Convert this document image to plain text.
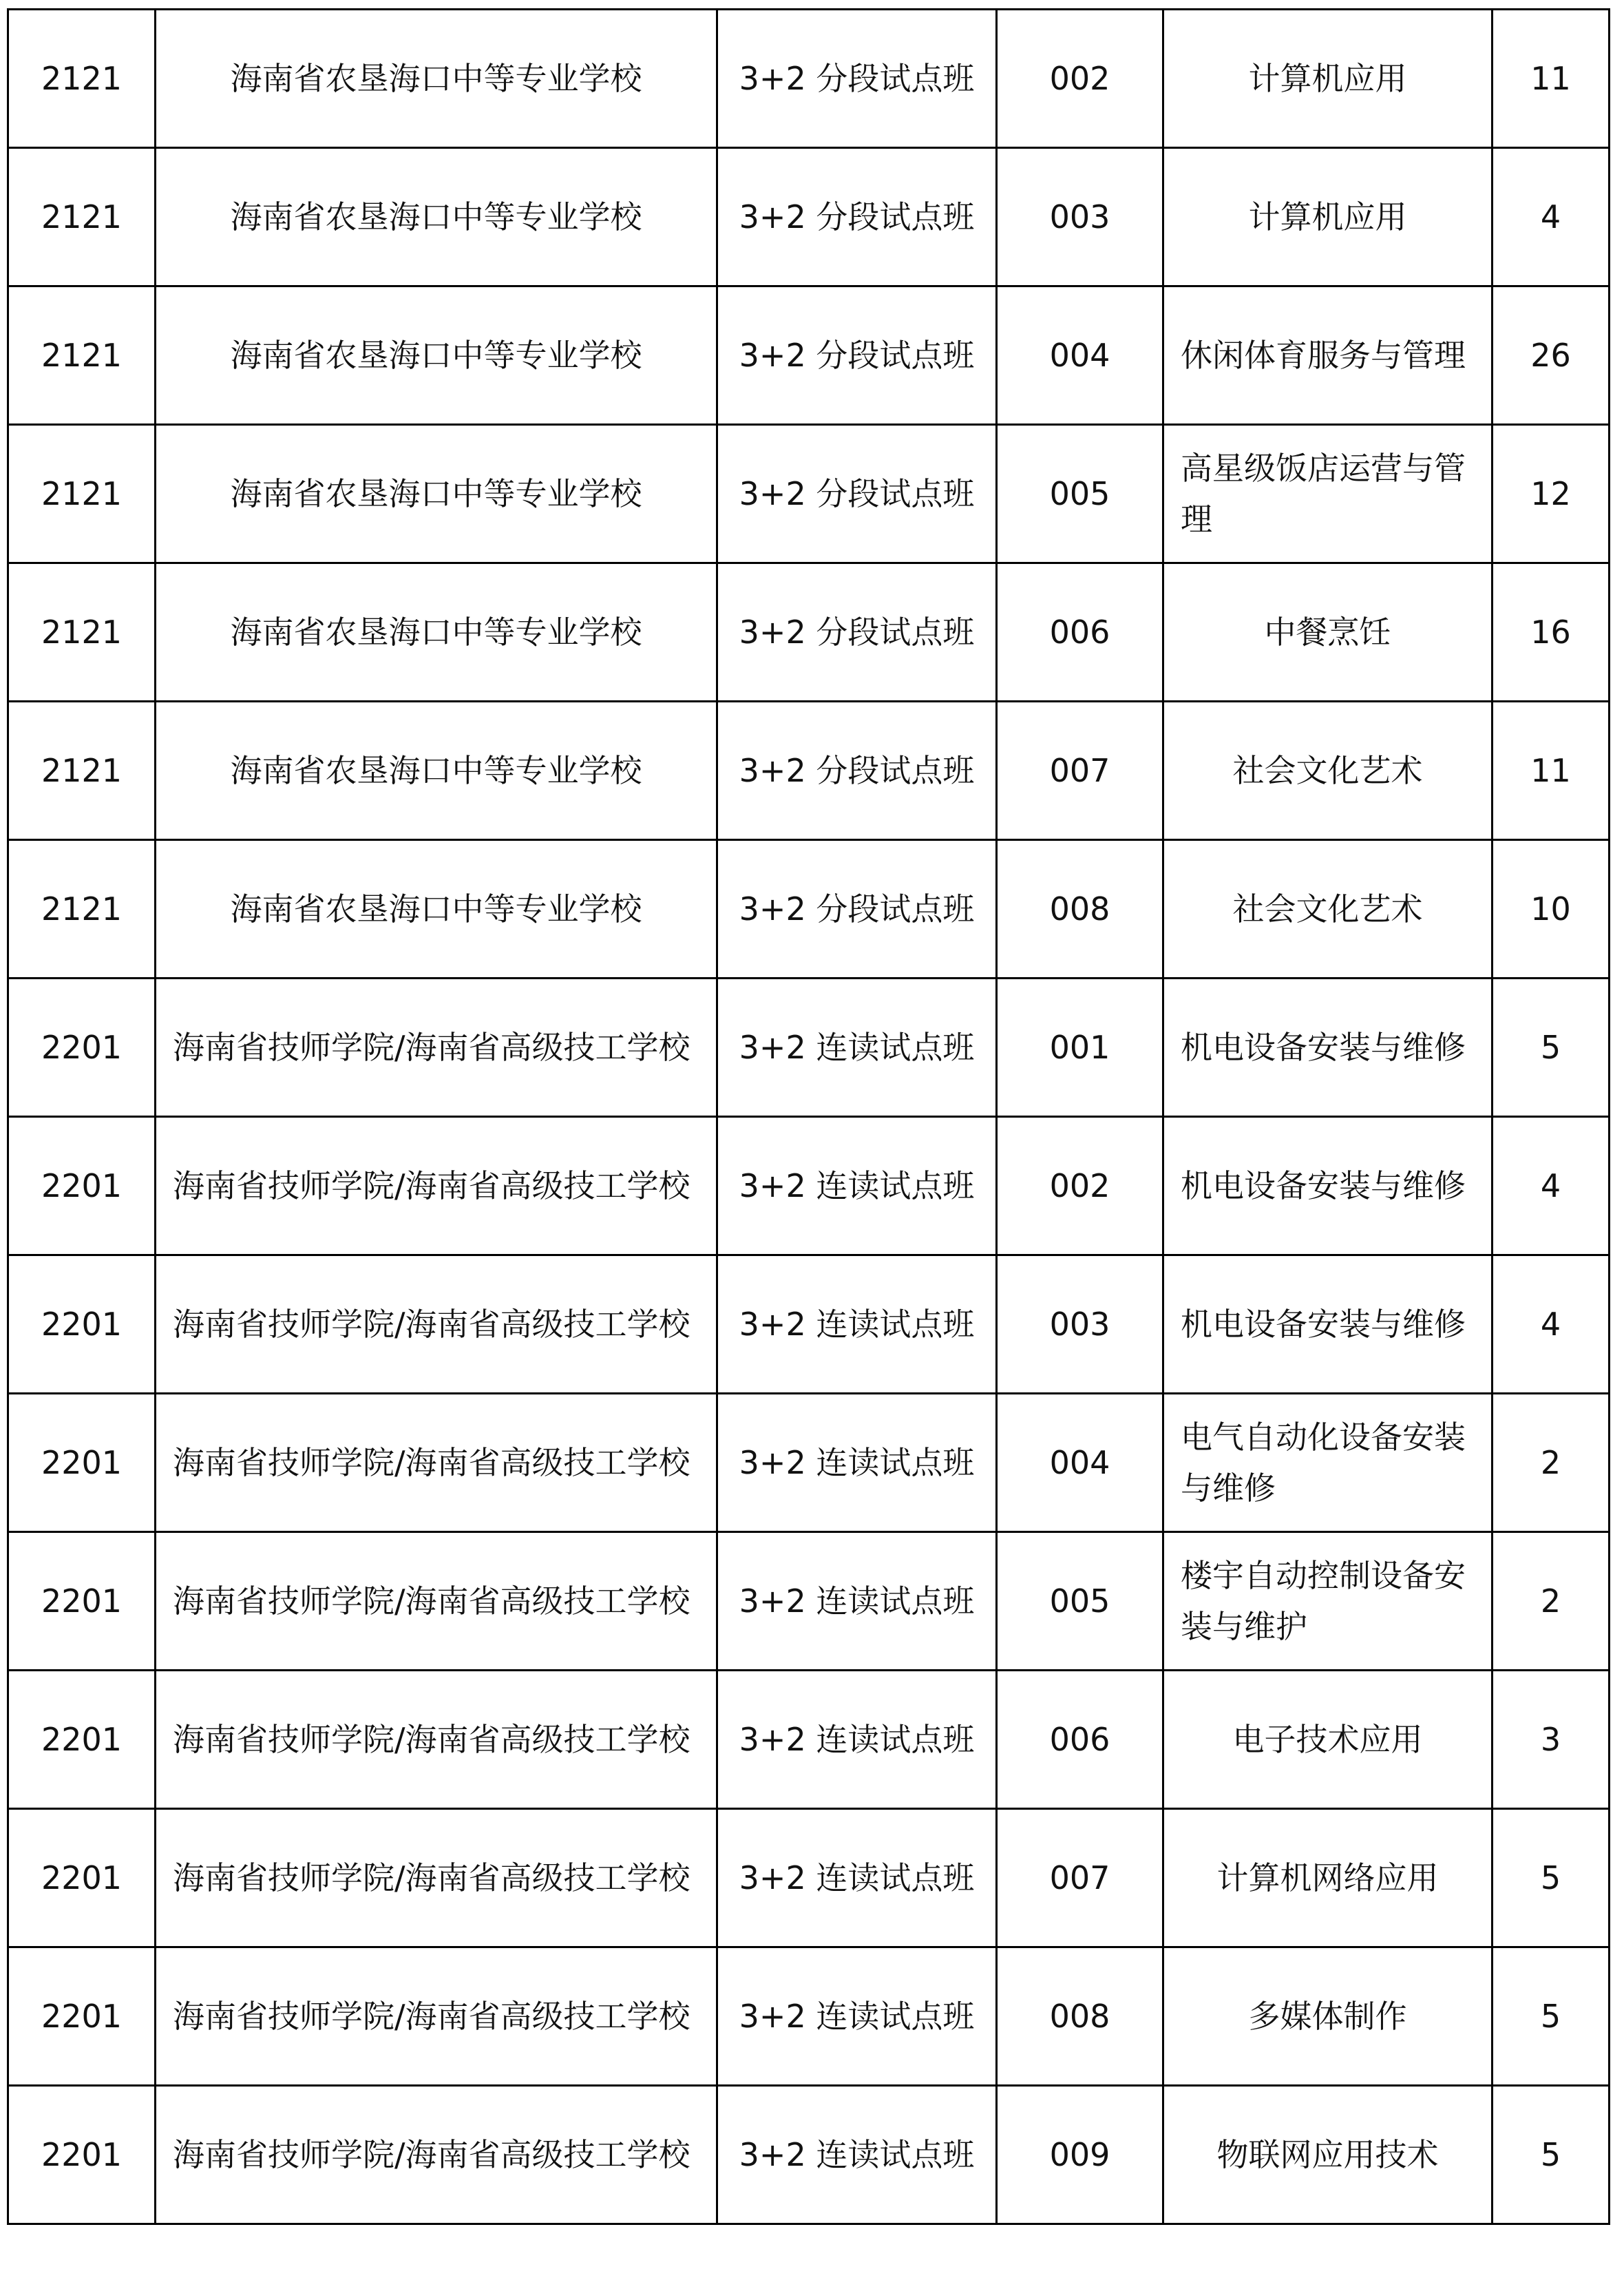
2121	海南省农垦海口中等专业学校	3+2 分段试点班	002	计算机应用	11
2121	海南省农垦海口中等专业学校	3+2 分段试点班	003	计算机应用	4
2121	海南省农垦海口中等专业学校	3+2 分段试点班	004	休闲体育服务与管理	26
2121	海南省农垦海口中等专业学校	3+2 分段试点班	005	高星级饭店运营与管理	12
2121	海南省农垦海口中等专业学校	3+2 分段试点班	006	中餐烹饪	16
2121	海南省农垦海口中等专业学校	3+2 分段试点班	007	社会文化艺术	11
2121	海南省农垦海口中等专业学校	3+2 分段试点班	008	社会文化艺术	10
2201	海南省技师学院/海南省高级技工学校	3+2 连读试点班	001	机电设备安装与维修	5
2201	海南省技师学院/海南省高级技工学校	3+2 连读试点班	002	机电设备安装与维修	4
2201	海南省技师学院/海南省高级技工学校	3+2 连读试点班	003	机电设备安装与维修	4
2201	海南省技师学院/海南省高级技工学校	3+2 连读试点班	004	电气自动化设备安装与维修	2
2201	海南省技师学院/海南省高级技工学校	3+2 连读试点班	005	楼宇自动控制设备安装与维护	2
2201	海南省技师学院/海南省高级技工学校	3+2 连读试点班	006	电子技术应用	3
2201	海南省技师学院/海南省高级技工学校	3+2 连读试点班	007	计算机网络应用	5
2201	海南省技师学院/海南省高级技工学校	3+2 连读试点班	008	多媒体制作	5
2201	海南省技师学院/海南省高级技工学校	3+2 连读试点班	009	物联网应用技术	5
